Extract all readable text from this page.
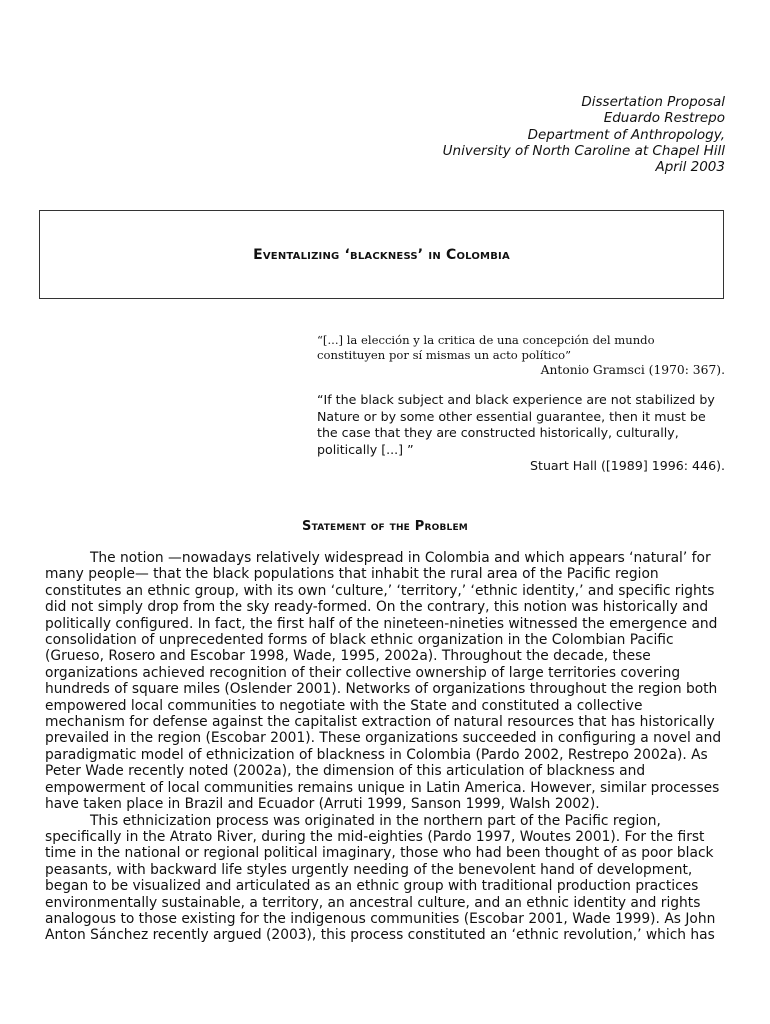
Dissertation Proposal
Eduardo Restrepo
Department of Anthropology,
University of North Caroline at Chapel Hill
April 2003
Eventalizing ‘blackness’ in Colombia
“[...] la elección y la critica de una concepción del mundo constituyen por sí mismas un acto político”
Antonio Gramsci (1970: 367).
“If the black subject and black experience are not stabilized by Nature or by some other essential guarantee, then it must be the case that they are constructed historically, culturally, politically [...] ”
Stuart Hall ([1989] 1996: 446).
Statement of the Problem

The notion —nowadays relatively widespread in Colombia and which appears ‘natural’ for many people— that the black populations that inhabit the rural area of the Pacific region constitutes an ethnic group, with its own ‘culture,’ ‘territory,’ ‘ethnic identity,’ and specific rights did not simply drop from the sky ready-formed. On the contrary, this notion was historically and politically configured. In fact, the first half of the nineteen-nineties witnessed the emergence and consolidation of unprecedented forms of black ethnic organization in the Colombian Pacific (Grueso, Rosero and Escobar 1998, Wade, 1995, 2002a). Throughout the decade, these organizations achieved recognition of their collective ownership of large territories covering hundreds of square miles (Oslender 2001). Networks of organizations throughout the region both empowered local communities to negotiate with the State and constituted a collective mechanism for defense against the capitalist extraction of natural resources that has historically prevailed in the region (Escobar 2001). These organizations succeeded in configuring a novel and paradigmatic model of ethnicization of blackness in Colombia (Pardo 2002, Restrepo 2002a). As Peter Wade recently noted (2002a), the dimension of this articulation of blackness and empowerment of local communities remains unique in Latin America. However, similar processes have taken place in Brazil and Ecuador (Arruti 1999, Sanson 1999, Walsh 2002).

This ethnicization process was originated in the northern part of the Pacific region, specifically in the Atrato River, during the mid-eighties (Pardo 1997, Woutes 2001). For the first time in the national or regional political imaginary, those who had been thought of as poor black peasants, with backward life styles urgently needing of the benevolent hand of development, began to be visualized and articulated as an ethnic group with traditional production practices environmentally sustainable, a territory, an ancestral culture, and an ethnic identity and rights analogous to those existing for the indigenous communities (Escobar 2001, Wade 1999). As John Anton Sánchez recently argued (2003), this process constituted an ‘ethnic revolution,’ which has
